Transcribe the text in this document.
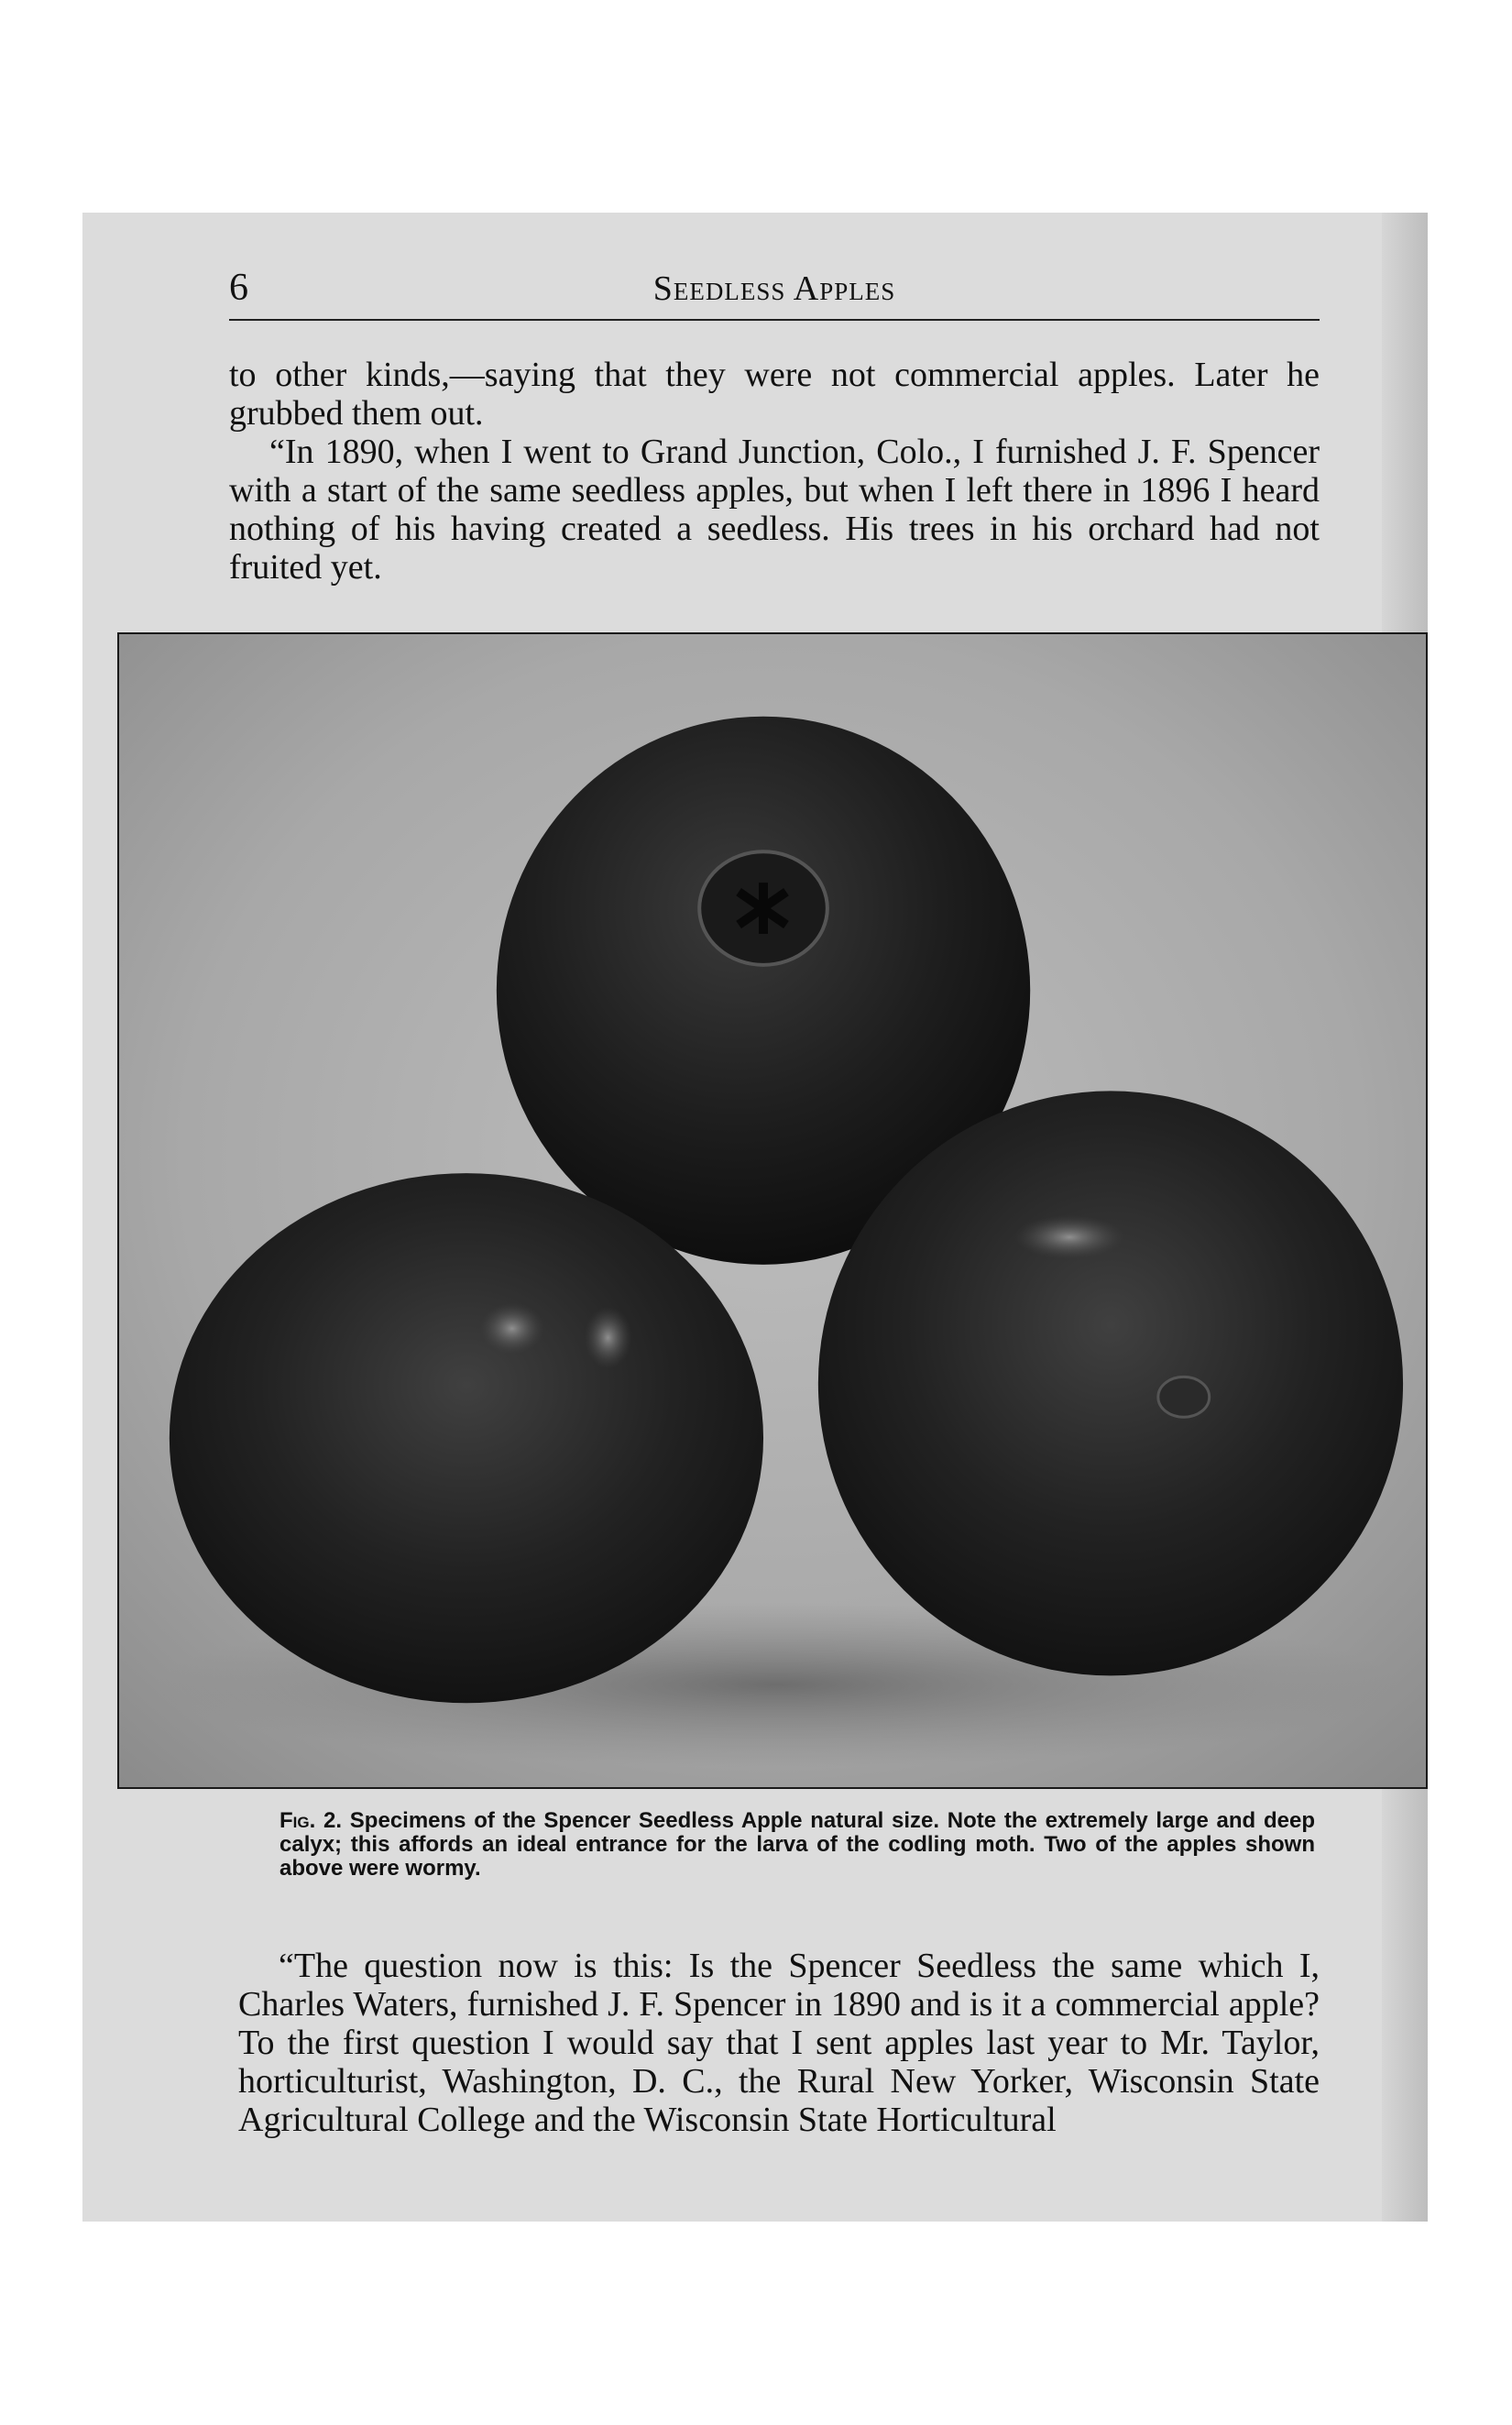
6	Seedless Apples

to other kinds,—saying that they were not commercial apples. Later he grubbed them out.

“In 1890, when I went to Grand Junction, Colo., I furnished J. F. Spencer with a start of the same seedless apples, but when I left there in 1896 I heard nothing of his having created a seedless. His trees in his orchard had not fruited yet.

Fig. 2. Specimens of the Spencer Seedless Apple natural size. Note the extremely large and deep calyx; this affords an ideal entrance for the larva of the codling moth. Two of the apples shown above were wormy.

“The question now is this: Is the Spencer Seedless the same which I, Charles Waters, furnished J. F. Spencer in 1890 and is it a commercial apple? To the first question I would say that I sent apples last year to Mr. Taylor, horticulturist, Washington, D. C., the Rural New Yorker, Wisconsin State Agricultural College and the Wisconsin State Horticultural
